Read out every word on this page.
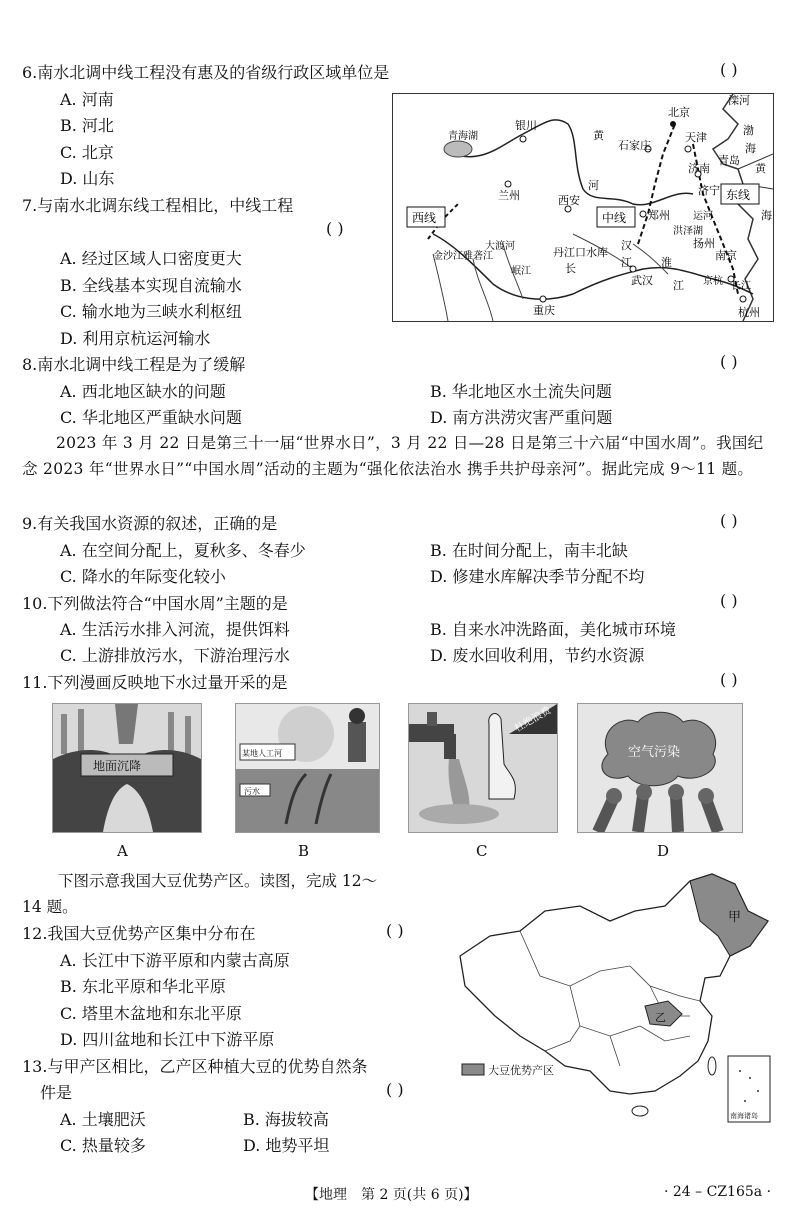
6.南水北调中线工程没有惠及的省级行政区域单位是	( )
A. 河南
B. 河北
C. 北京
D. 山东
北京
滦河
渤
海
银川
青海湖	黄
石家庄
天津
济南
青岛
黄
兰州
河
西安
济宁 东线
海
西线	中线 郑州 运河
洪泽湖
扬州
丹江口水库
汉
南京
江
金沙江 雅砻江
大渡河
岷江	长
武汉
淮
江
重庆	杭州
长江
京杭
7.与南水北调东线工程相比，中线工程
( )
A. 经过区域人口密度更大
B. 全线基本实现自流输水
C. 输水地为三峡水利枢纽
D. 利用京杭运河输水
8.南水北调中线工程是为了缓解	( )
A. 西北地区缺水的问题	B. 华北地区水土流失问题
C. 华北地区严重缺水问题	D. 南方洪涝灾害严重问题
2023 年 3 月 22 日是第三十一届“世界水日”，3 月 22 日—28 日是第三十六届“中国水周”。我国纪念 2023 年“世界水日”“中国水周”活动的主题为“强化依法治水 携手共护母亲河”。据此完成 9～11 题。
9.有关我国水资源的叙述，正确的是	( )
A. 在空间分配上，夏秋多、冬春少	B. 在时间分配上，南丰北缺
C. 降水的年际变化较小	D. 修建水库解决季节分配不均
10.下列做法符合“中国水周”主题的是	( )
A. 生活污水排入河流，提供饵料	B. 自来水冲洗路面，美化城市环境
C. 上游排放污水，下游治理污水	D. 废水回收利用，节约水资源
11.下列漫画反映地下水过量开采的是	( )
地面沉降
A
某地人工河
污水
B
杜绝浪费
C
空气污染
D
下图示意我国大豆优势产区。读图，完成 12～
14 题。
12.我国大豆优势产区集中分布在	( )
A. 长江中下游平原和内蒙古高原
B. 东北平原和华北平原
C. 塔里木盆地和东北平原
D. 四川盆地和长江中下游平原
13.与甲产区相比，乙产区种植大豆的优势自然条
件是	( )
A. 土壤肥沃	B. 海拔较高
C. 热量较多	D. 地势平坦
甲
乙
大豆优势产区
南海诸岛
【地理　第 2 页(共 6 页)】	· 24 – CZ165a ·
